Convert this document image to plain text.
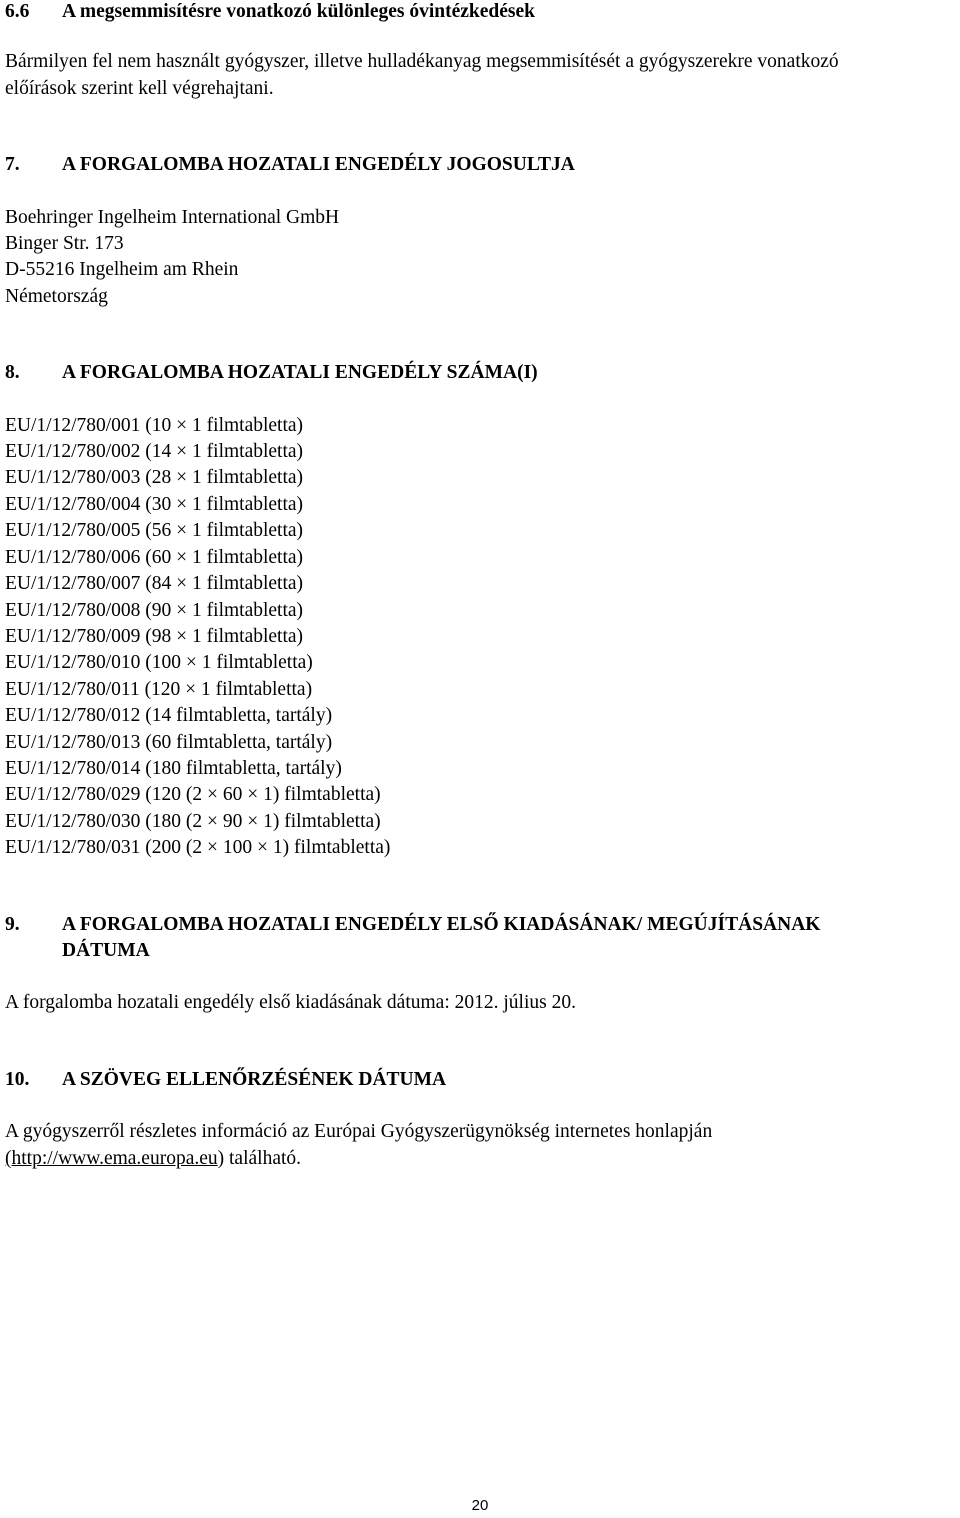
6.6	A megsemmisítésre vonatkozó különleges óvintézkedések
Bármilyen fel nem használt gyógyszer, illetve hulladékanyag megsemmisítését a gyógyszerekre vonatkozó
előírások szerint kell végrehajtani.
7.	A FORGALOMBA HOZATALI ENGEDÉLY JOGOSULTJA
Boehringer Ingelheim International GmbH
Binger Str. 173
D-55216 Ingelheim am Rhein
Németország
8.	A FORGALOMBA HOZATALI ENGEDÉLY SZÁMA(I)
EU/1/12/780/001 (10 × 1 filmtabletta)
EU/1/12/780/002 (14 × 1 filmtabletta)
EU/1/12/780/003 (28 × 1 filmtabletta)
EU/1/12/780/004 (30 × 1 filmtabletta)
EU/1/12/780/005 (56 × 1 filmtabletta)
EU/1/12/780/006 (60 × 1 filmtabletta)
EU/1/12/780/007 (84 × 1 filmtabletta)
EU/1/12/780/008 (90 × 1 filmtabletta)
EU/1/12/780/009 (98 × 1 filmtabletta)
EU/1/12/780/010 (100 × 1 filmtabletta)
EU/1/12/780/011 (120 × 1 filmtabletta)
EU/1/12/780/012 (14 filmtabletta, tartály)
EU/1/12/780/013 (60 filmtabletta, tartály)
EU/1/12/780/014 (180 filmtabletta, tartály)
EU/1/12/780/029 (120 (2 × 60 × 1) filmtabletta)
EU/1/12/780/030 (180 (2 × 90 × 1) filmtabletta)
EU/1/12/780/031 (200 (2 × 100 × 1) filmtabletta)
9.	A FORGALOMBA HOZATALI ENGEDÉLY ELSŐ KIADÁSÁNAK/ MEGÚJÍTÁSÁNAK
DÁTUMA
A forgalomba hozatali engedély első kiadásának dátuma: 2012. július 20.
10.	A SZÖVEG ELLENŐRZÉSÉNEK DÁTUMA
A gyógyszerről részletes információ az Európai Gyógyszerügynökség internetes honlapján
(http://www.ema.europa.eu) található.
20
